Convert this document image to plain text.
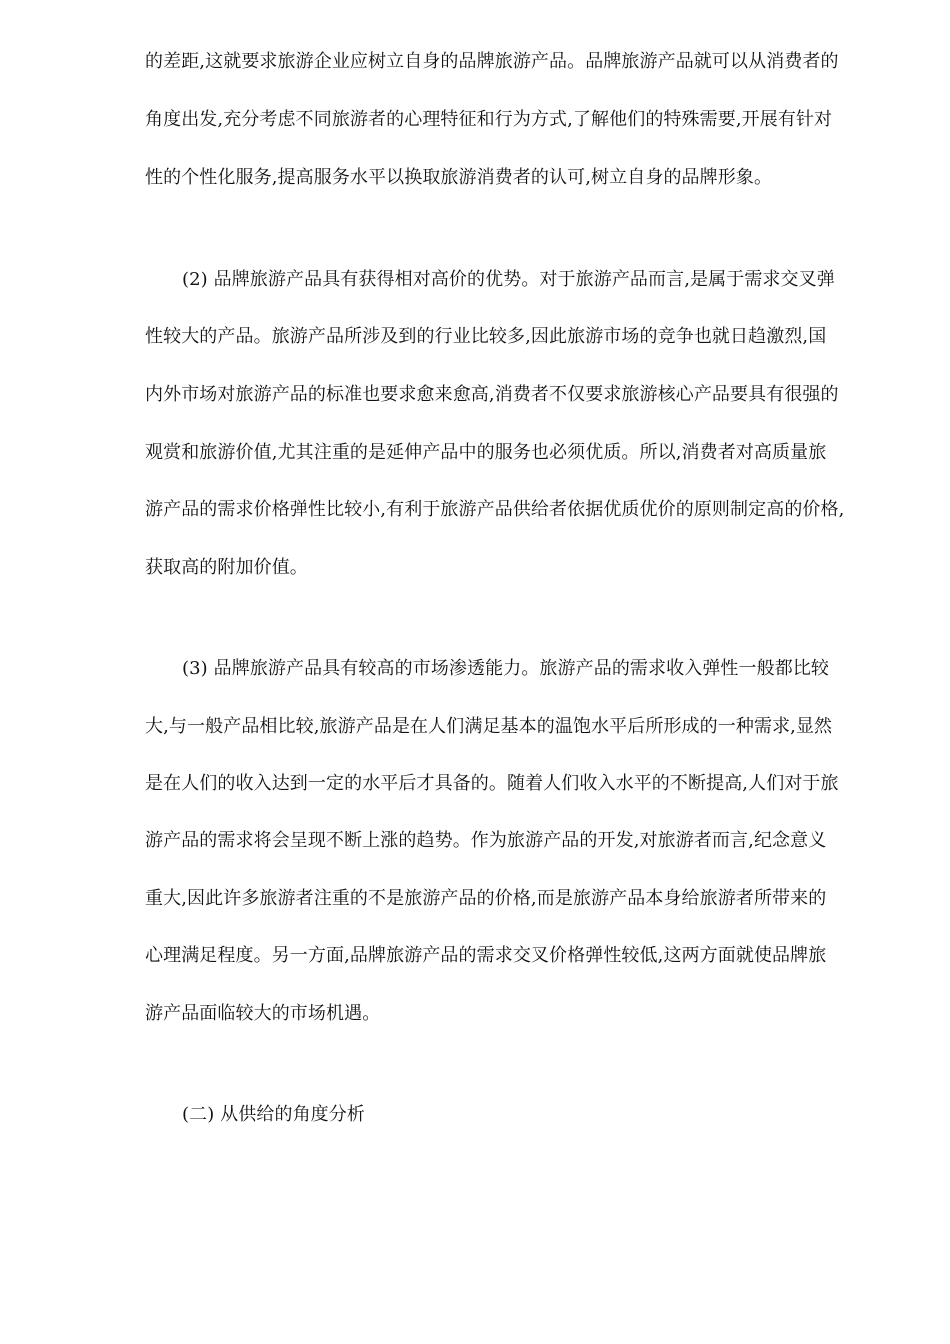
的差距,这就要求旅游企业应树立自身的品牌旅游产品。品牌旅游产品就可以从消费者的
角度出发,充分考虑不同旅游者的心理特征和行为方式,了解他们的特殊需要,开展有针对
性的个性化服务,提高服务水平以换取旅游消费者的认可,树立自身的品牌形象。
(2) 品牌旅游产品具有获得相对高价的优势。对于旅游产品而言,是属于需求交叉弹
性较大的产品。旅游产品所涉及到的行业比较多,因此旅游市场的竞争也就日趋激烈,国
内外市场对旅游产品的标准也要求愈来愈高,消费者不仅要求旅游核心产品要具有很强的
观赏和旅游价值,尤其注重的是延伸产品中的服务也必须优质。所以,消费者对高质量旅
游产品的需求价格弹性比较小,有利于旅游产品供给者依据优质优价的原则制定高的价格,
获取高的附加价值。
(3) 品牌旅游产品具有较高的市场渗透能力。旅游产品的需求收入弹性一般都比较
大,与一般产品相比较,旅游产品是在人们满足基本的温饱水平后所形成的一种需求,显然
是在人们的收入达到一定的水平后才具备的。随着人们收入水平的不断提高,人们对于旅
游产品的需求将会呈现不断上涨的趋势。作为旅游产品的开发,对旅游者而言,纪念意义
重大,因此许多旅游者注重的不是旅游产品的价格,而是旅游产品本身给旅游者所带来的
心理满足程度。另一方面,品牌旅游产品的需求交叉价格弹性较低,这两方面就使品牌旅
游产品面临较大的市场机遇。
(二) 从供给的角度分析
